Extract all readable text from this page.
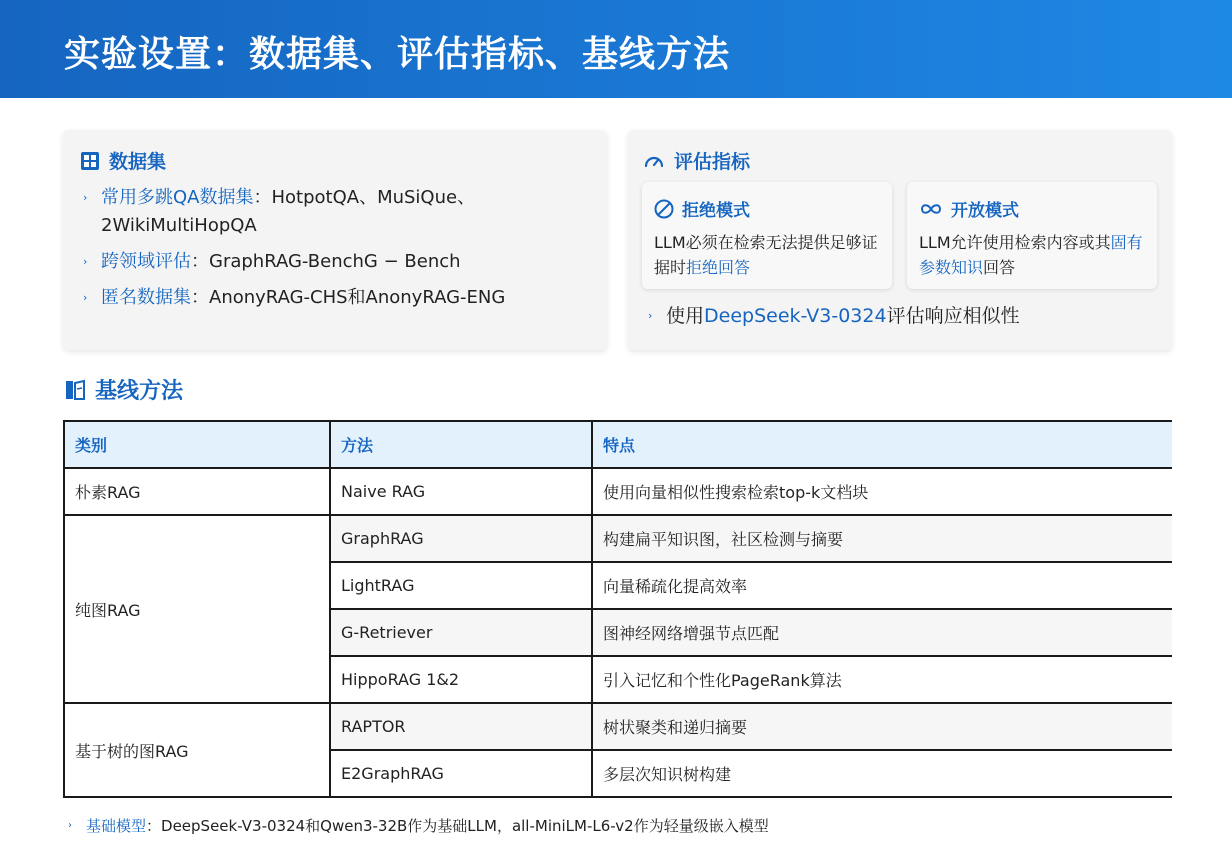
实验设置：数据集、评估指标、基线方法
数据集
› 常用多跳QA数据集：HotpotQA、MuSiQue、2WikiMultiHopQA
› 跨领域评估：GraphRAG-BenchG − Bench
› 匿名数据集：AnonyRAG-CHS和AnonyRAG-ENG
评估指标
拒绝模式
LLM必须在检索无法提供足够证据时拒绝回答
开放模式
LLM允许使用检索内容或其固有参数知识回答
› 使用DeepSeek-V3-0324评估响应相似性
基线方法
类别	方法	特点
朴素RAG	Naive RAG	使用向量相似性搜索检索top-k文档块
纯图RAG	GraphRAG	构建扁平知识图，社区检测与摘要
	LightRAG	向量稀疏化提高效率
	G-Retriever	图神经网络增强节点匹配
	HippoRAG 1&2	引入记忆和个性化PageRank算法
基于树的图RAG	RAPTOR	树状聚类和递归摘要
	E2GraphRAG	多层次知识树构建
› 基础模型：DeepSeek-V3-0324和Qwen3-32B作为基础LLM，all-MiniLM-L6-v2作为轻量级嵌入模型
